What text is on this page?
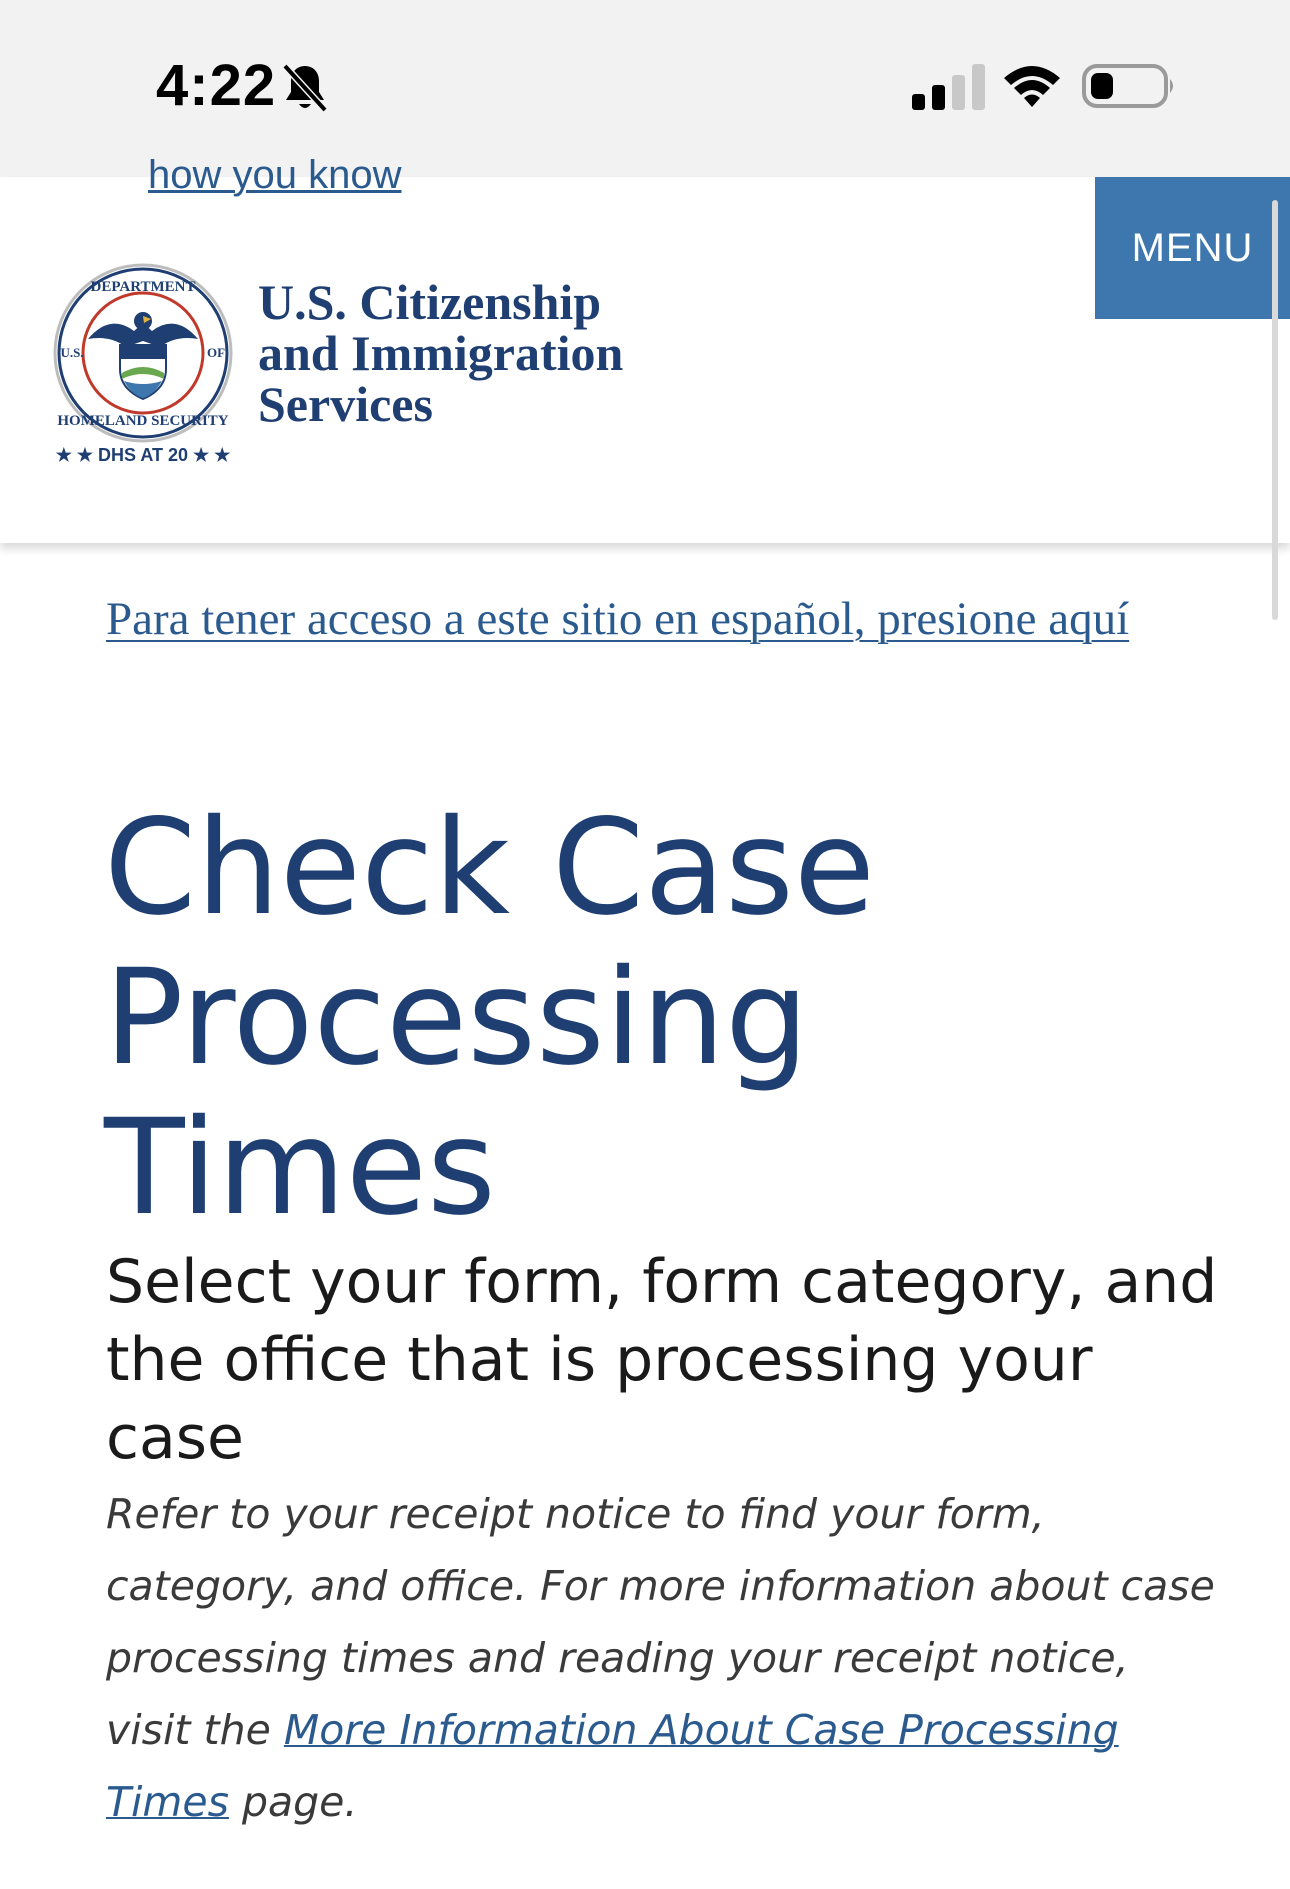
4:22
how you know
MENU
DEPARTMENT
HOMELAND SECURITY
U.S.	OF
★ ★ DHS AT 20 ★ ★
U.S. Citizenship
and Immigration
Services
Para tener acceso a este sitio en español, presione aquí
Check Case Processing Times
Select your form, form category, and the office that is processing your case

Refer to your receipt notice to find your form, category, and office. For more information about case processing times and reading your receipt notice, visit the More Information About Case Processing Times page.
